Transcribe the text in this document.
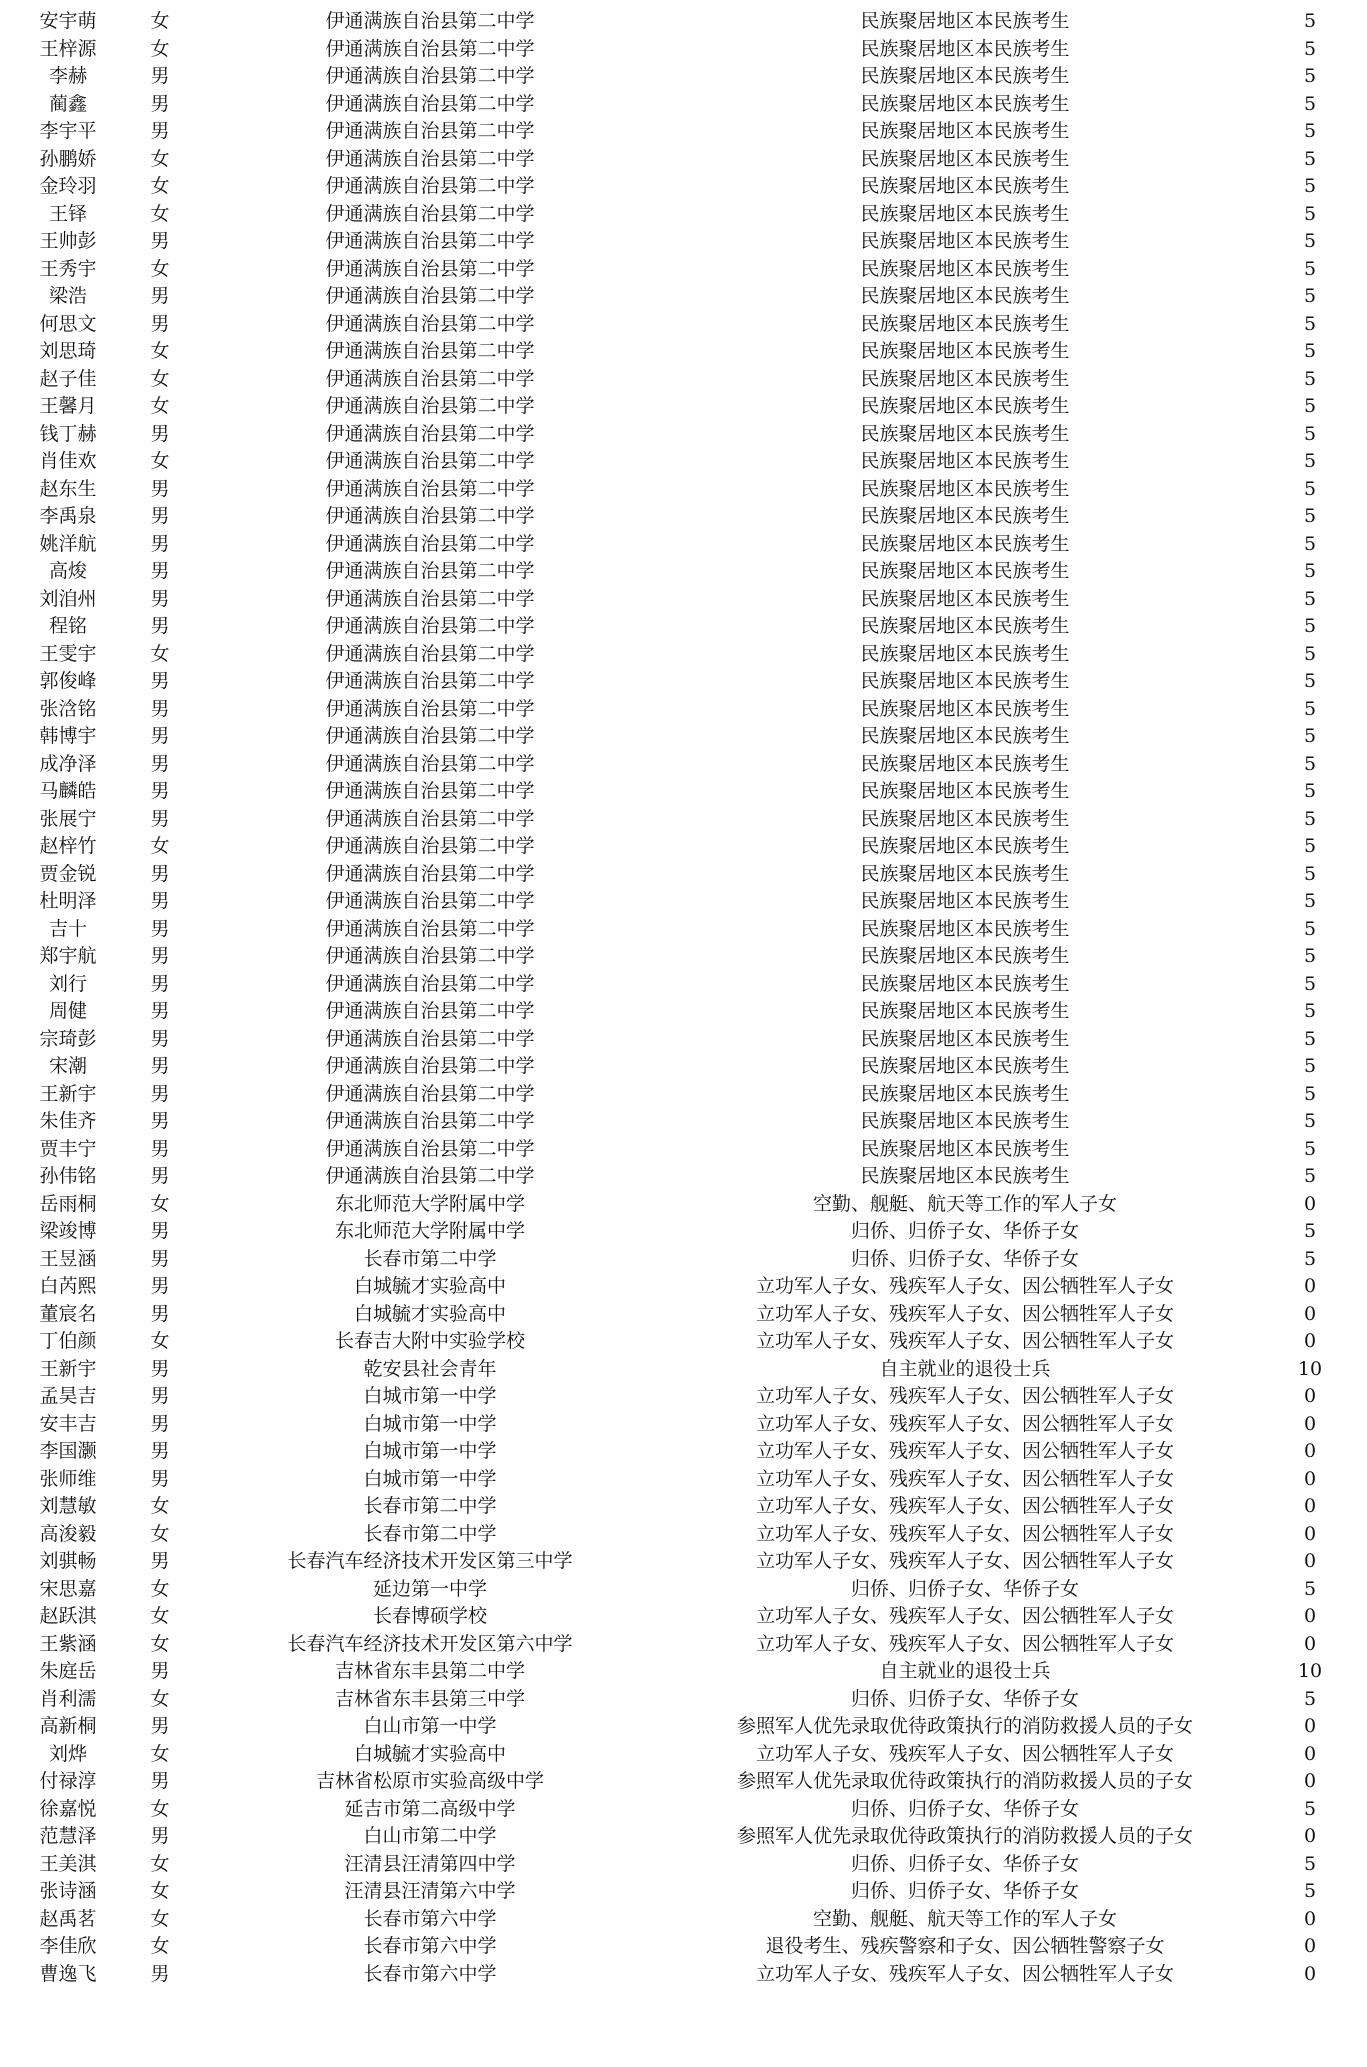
安宇萌	女	伊通满族自治县第二中学	民族聚居地区本民族考生	5
王梓源	女	伊通满族自治县第二中学	民族聚居地区本民族考生	5
李赫	男	伊通满族自治县第二中学	民族聚居地区本民族考生	5
蔺鑫	男	伊通满族自治县第二中学	民族聚居地区本民族考生	5
李宇平	男	伊通满族自治县第二中学	民族聚居地区本民族考生	5
孙鹏娇	女	伊通满族自治县第二中学	民族聚居地区本民族考生	5
金玲羽	女	伊通满族自治县第二中学	民族聚居地区本民族考生	5
王铎	女	伊通满族自治县第二中学	民族聚居地区本民族考生	5
王帅彭	男	伊通满族自治县第二中学	民族聚居地区本民族考生	5
王秀宇	女	伊通满族自治县第二中学	民族聚居地区本民族考生	5
梁浩	男	伊通满族自治县第二中学	民族聚居地区本民族考生	5
何思文	男	伊通满族自治县第二中学	民族聚居地区本民族考生	5
刘思琦	女	伊通满族自治县第二中学	民族聚居地区本民族考生	5
赵子佳	女	伊通满族自治县第二中学	民族聚居地区本民族考生	5
王馨月	女	伊通满族自治县第二中学	民族聚居地区本民族考生	5
钱丁赫	男	伊通满族自治县第二中学	民族聚居地区本民族考生	5
肖佳欢	女	伊通满族自治县第二中学	民族聚居地区本民族考生	5
赵东生	男	伊通满族自治县第二中学	民族聚居地区本民族考生	5
李禹泉	男	伊通满族自治县第二中学	民族聚居地区本民族考生	5
姚洋航	男	伊通满族自治县第二中学	民族聚居地区本民族考生	5
高焌	男	伊通满族自治县第二中学	民族聚居地区本民族考生	5
刘洎州	男	伊通满族自治县第二中学	民族聚居地区本民族考生	5
程铭	男	伊通满族自治县第二中学	民族聚居地区本民族考生	5
王雯宇	女	伊通满族自治县第二中学	民族聚居地区本民族考生	5
郭俊峰	男	伊通满族自治县第二中学	民族聚居地区本民族考生	5
张浛铭	男	伊通满族自治县第二中学	民族聚居地区本民族考生	5
韩博宇	男	伊通满族自治县第二中学	民族聚居地区本民族考生	5
成净泽	男	伊通满族自治县第二中学	民族聚居地区本民族考生	5
马麟皓	男	伊通满族自治县第二中学	民族聚居地区本民族考生	5
张展宁	男	伊通满族自治县第二中学	民族聚居地区本民族考生	5
赵梓竹	女	伊通满族自治县第二中学	民族聚居地区本民族考生	5
贾金锐	男	伊通满族自治县第二中学	民族聚居地区本民族考生	5
杜明泽	男	伊通满族自治县第二中学	民族聚居地区本民族考生	5
吉十	男	伊通满族自治县第二中学	民族聚居地区本民族考生	5
郑宇航	男	伊通满族自治县第二中学	民族聚居地区本民族考生	5
刘行	男	伊通满族自治县第二中学	民族聚居地区本民族考生	5
周健	男	伊通满族自治县第二中学	民族聚居地区本民族考生	5
宗琦彭	男	伊通满族自治县第二中学	民族聚居地区本民族考生	5
宋潮	男	伊通满族自治县第二中学	民族聚居地区本民族考生	5
王新宇	男	伊通满族自治县第二中学	民族聚居地区本民族考生	5
朱佳齐	男	伊通满族自治县第二中学	民族聚居地区本民族考生	5
贾丰宁	男	伊通满族自治县第二中学	民族聚居地区本民族考生	5
孙伟铭	男	伊通满族自治县第二中学	民族聚居地区本民族考生	5
岳雨桐	女	东北师范大学附属中学	空勤、舰艇、航天等工作的军人子女	0
梁竣博	男	东北师范大学附属中学	归侨、归侨子女、华侨子女	5
王昱涵	男	长春市第二中学	归侨、归侨子女、华侨子女	5
白芮熙	男	白城毓才实验高中	立功军人子女、残疾军人子女、因公牺牲军人子女	0
董宸名	男	白城毓才实验高中	立功军人子女、残疾军人子女、因公牺牲军人子女	0
丁伯颜	女	长春吉大附中实验学校	立功军人子女、残疾军人子女、因公牺牲军人子女	0
王新宇	男	乾安县社会青年	自主就业的退役士兵	10
孟昊吉	男	白城市第一中学	立功军人子女、残疾军人子女、因公牺牲军人子女	0
安丰吉	男	白城市第一中学	立功军人子女、残疾军人子女、因公牺牲军人子女	0
李国灏	男	白城市第一中学	立功军人子女、残疾军人子女、因公牺牲军人子女	0
张师维	男	白城市第一中学	立功军人子女、残疾军人子女、因公牺牲军人子女	0
刘慧敏	女	长春市第二中学	立功军人子女、残疾军人子女、因公牺牲军人子女	0
高浚毅	女	长春市第二中学	立功军人子女、残疾军人子女、因公牺牲军人子女	0
刘骐畅	男	长春汽车经济技术开发区第三中学	立功军人子女、残疾军人子女、因公牺牲军人子女	0
宋思嘉	女	延边第一中学	归侨、归侨子女、华侨子女	5
赵跃淇	女	长春博硕学校	立功军人子女、残疾军人子女、因公牺牲军人子女	0
王紫涵	女	长春汽车经济技术开发区第六中学	立功军人子女、残疾军人子女、因公牺牲军人子女	0
朱庭岳	男	吉林省东丰县第二中学	自主就业的退役士兵	10
肖利濡	女	吉林省东丰县第三中学	归侨、归侨子女、华侨子女	5
高新桐	男	白山市第一中学	参照军人优先录取优待政策执行的消防救援人员的子女	0
刘烨	女	白城毓才实验高中	立功军人子女、残疾军人子女、因公牺牲军人子女	0
付禄淳	男	吉林省松原市实验高级中学	参照军人优先录取优待政策执行的消防救援人员的子女	0
徐嘉悦	女	延吉市第二高级中学	归侨、归侨子女、华侨子女	5
范慧泽	男	白山市第二中学	参照军人优先录取优待政策执行的消防救援人员的子女	0
王美淇	女	汪清县汪清第四中学	归侨、归侨子女、华侨子女	5
张诗涵	女	汪清县汪清第六中学	归侨、归侨子女、华侨子女	5
赵禹茗	女	长春市第六中学	空勤、舰艇、航天等工作的军人子女	0
李佳欣	女	长春市第六中学	退役考生、残疾警察和子女、因公牺牲警察子女	0
曹逸飞	男	长春市第六中学	立功军人子女、残疾军人子女、因公牺牲军人子女	0
